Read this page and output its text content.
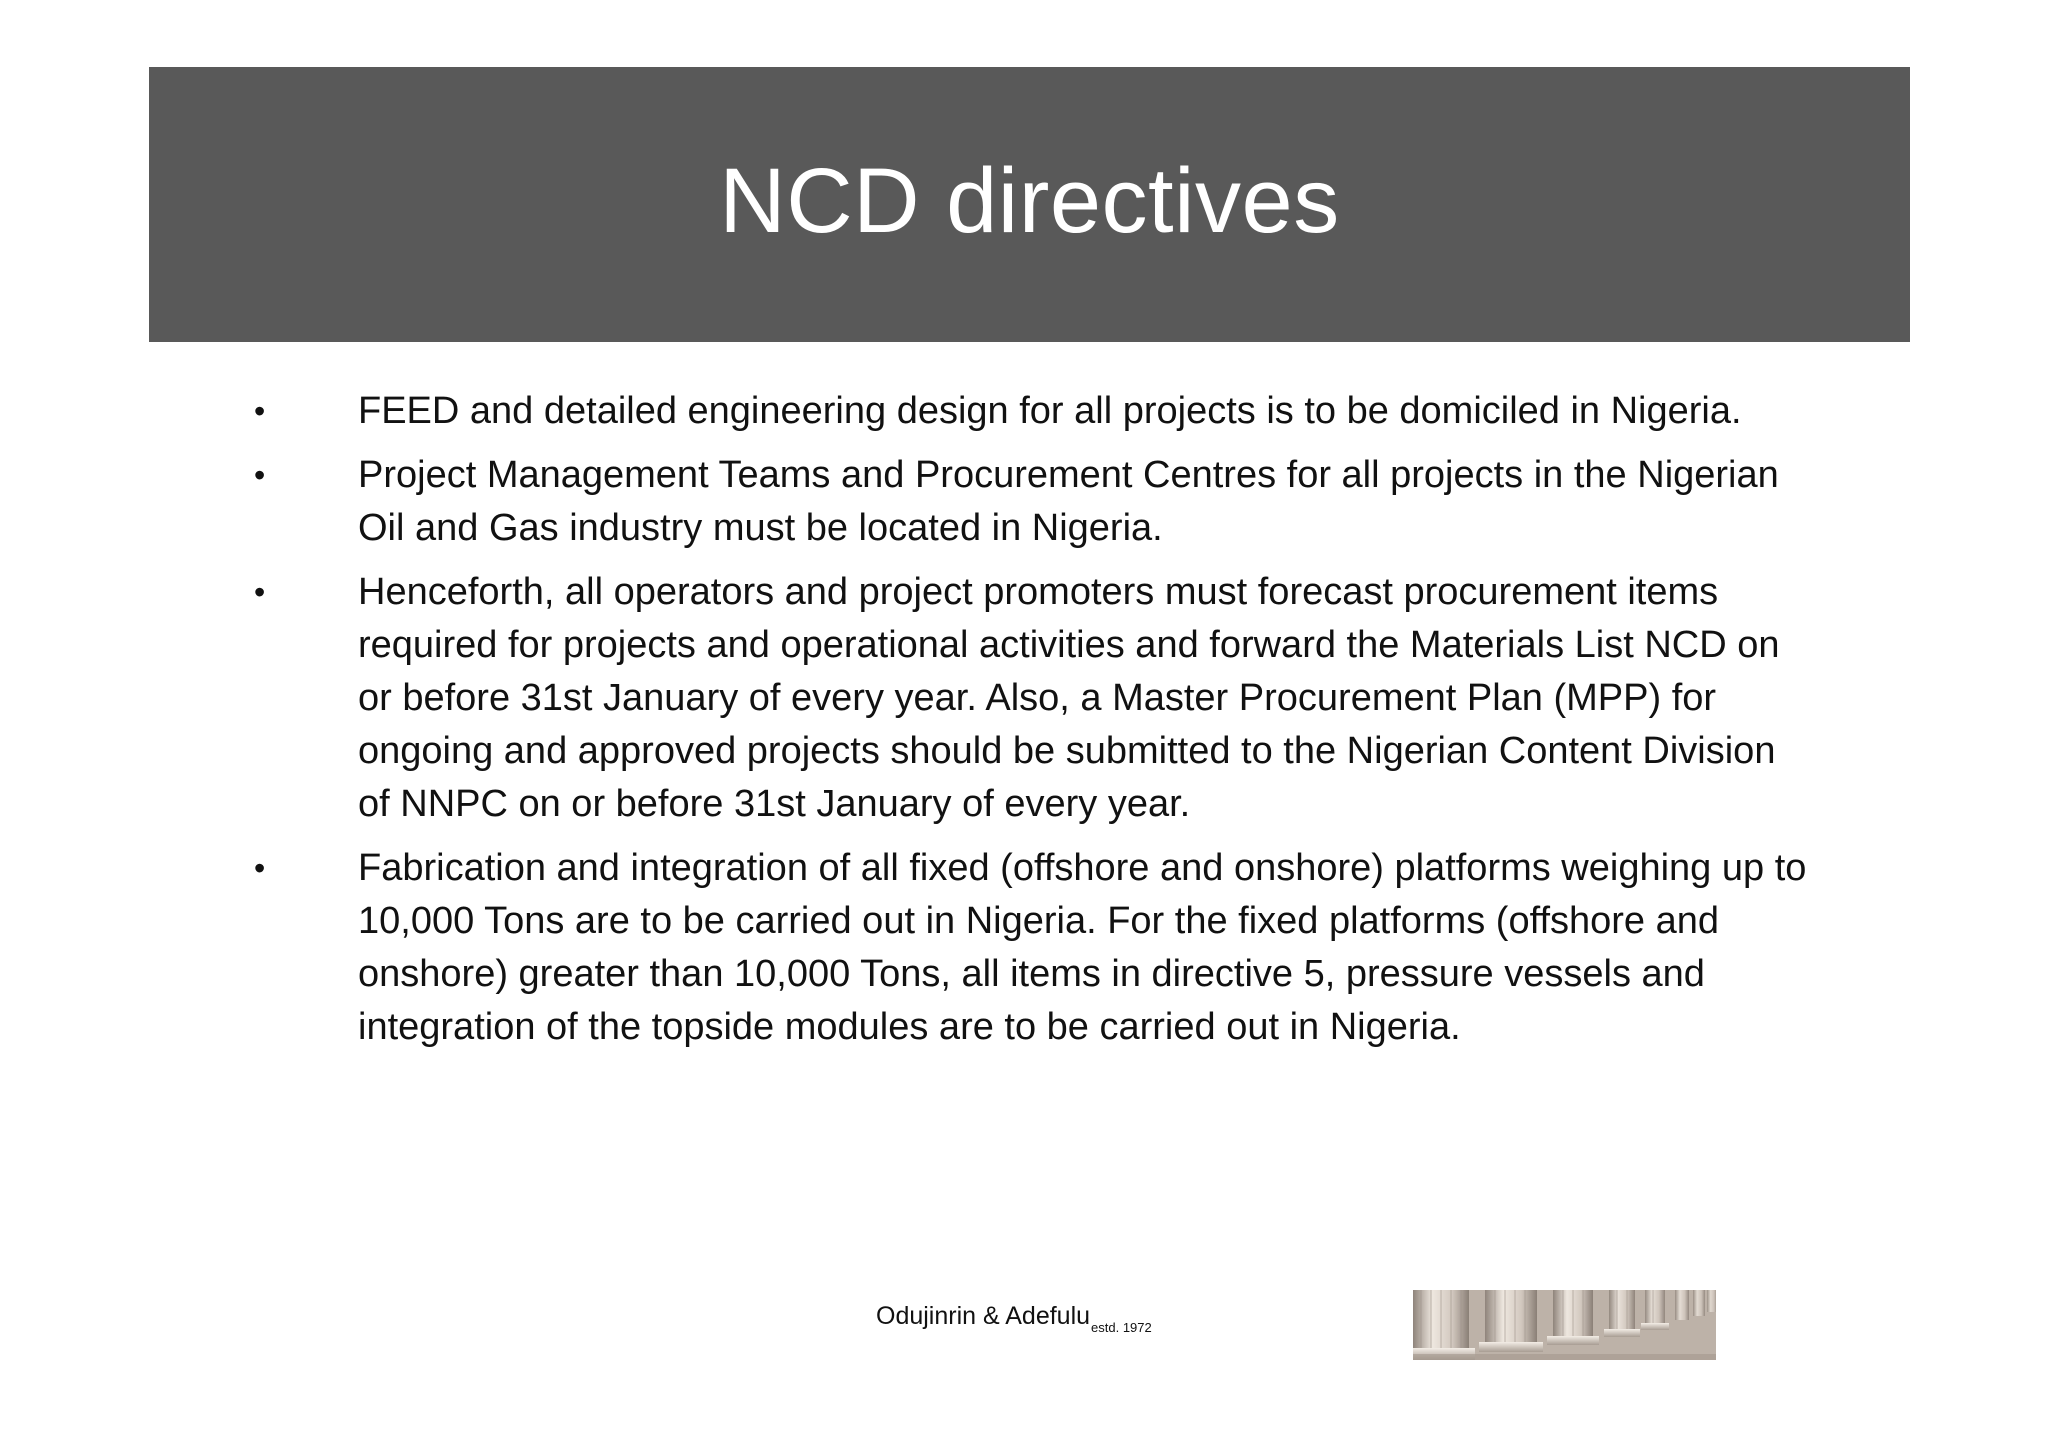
NCD directives
•	FEED and detailed engineering design for all projects is to be domiciled in Nigeria.
•	Project Management Teams and Procurement Centres for all projects in the Nigerian Oil and Gas industry must be located in Nigeria.
•	Henceforth, all operators and project promoters must forecast procurement items required for projects and operational activities and forward the Materials List NCD on or before 31st January of every year. Also, a Master Procurement Plan (MPP) for ongoing and approved projects should be submitted to the Nigerian Content Division of NNPC on or before 31st January of every year.
•	Fabrication and integration of all fixed (offshore and onshore) platforms weighing up to 10,000 Tons are to be carried out in Nigeria. For the fixed platforms (offshore and onshore) greater than 10,000 Tons, all items in directive 5, pressure vessels and integration of the topside modules are to be carried out in Nigeria.
Odujinrin & Adefulu$_{estd. 1972}$
